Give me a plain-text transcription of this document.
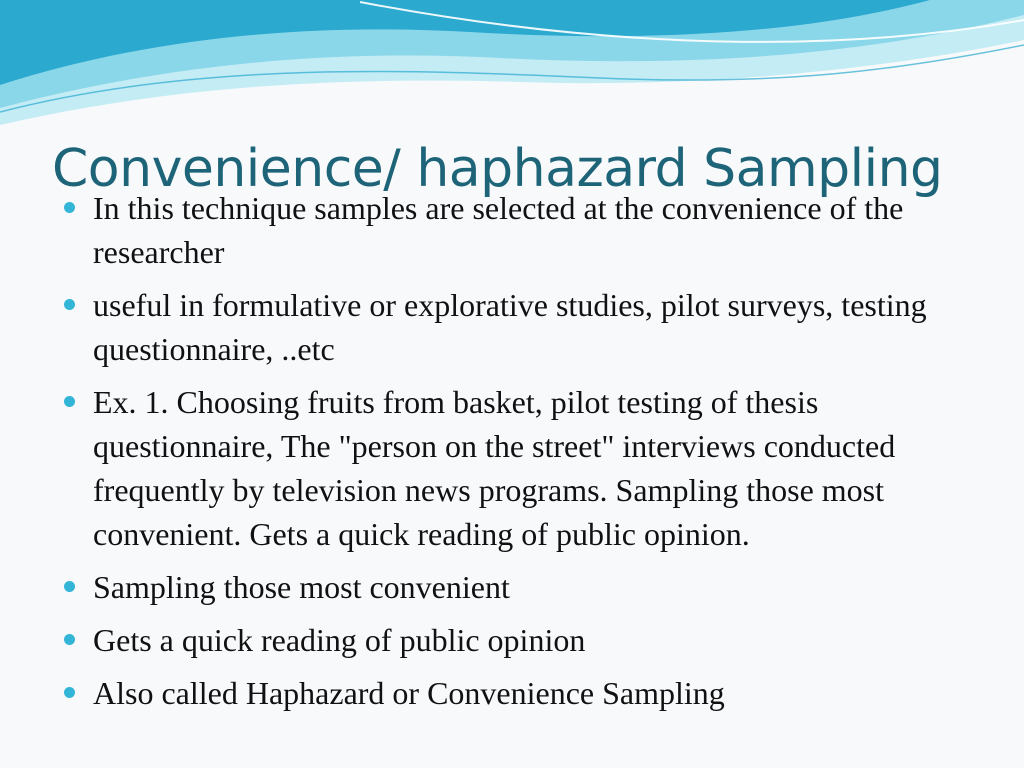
Convenience/ haphazard Sampling
In this technique samples are selected at the convenience of the researcher
useful in formulative or explorative studies, pilot surveys, testing questionnaire, ..etc
Ex. 1. Choosing fruits from basket, pilot testing of thesis questionnaire, The "person on the street" interviews conducted frequently by television news programs. Sampling those most convenient. Gets a quick reading of public opinion.
Sampling those most convenient
Gets a quick reading of public opinion
Also called Haphazard or Convenience Sampling
